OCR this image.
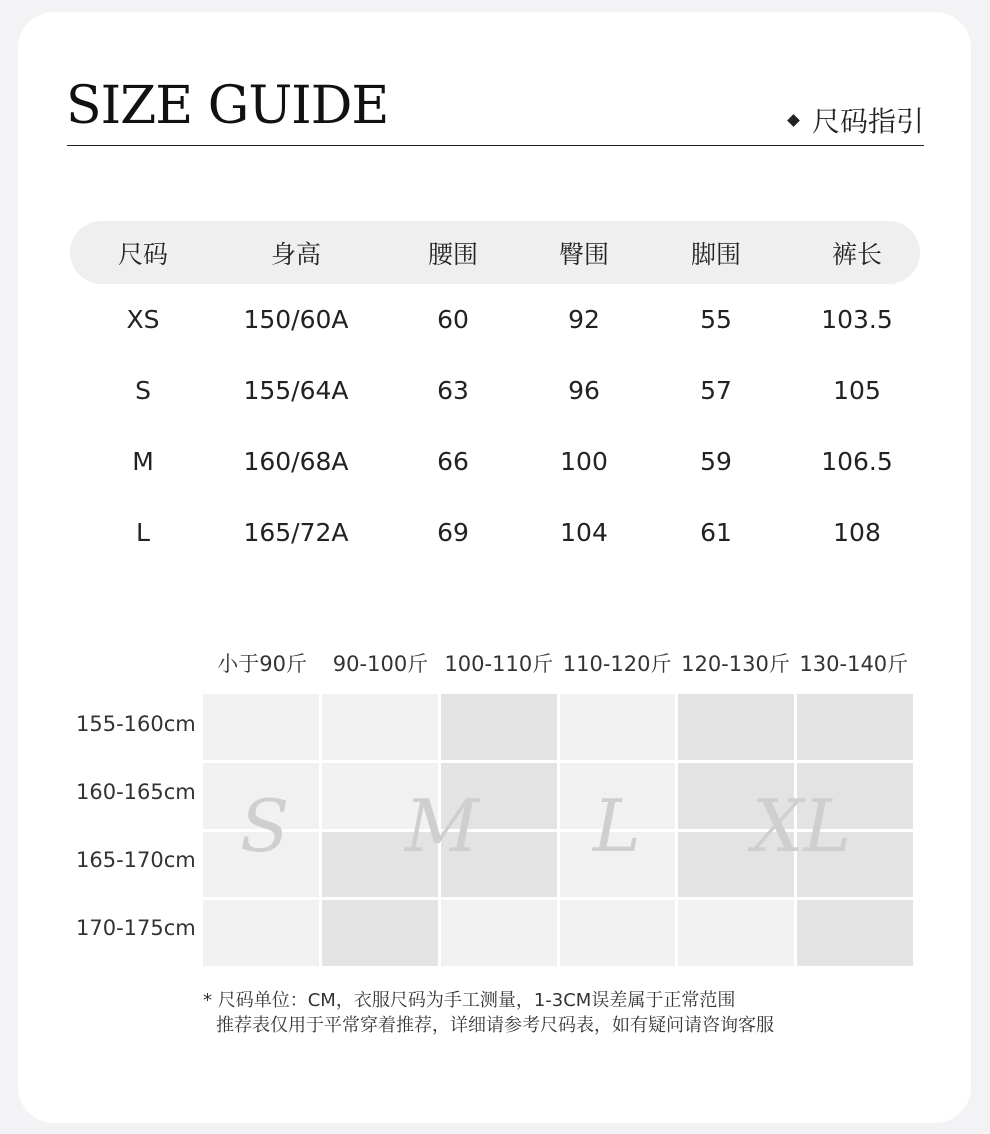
SIZE GUIDE	尺码指引
尺码	身高	腰围	臀围	脚围	裤长
XS	150/60A	60	92	55	103.5
S	155/64A	63	96	57	105
M	160/68A	66	100	59	106.5
L	165/72A	69	104	61	108
小于90斤	90-100斤 100-110斤 110-120斤 120-130斤 130-140斤
155-160cm
160-165cm
165-170cm
170-175cm
S M L XL
* 尺码单位：CM，衣服尺码为手工测量，1-3CM误差属于正常范围
推荐表仅用于平常穿着推荐，详细请参考尺码表，如有疑问请咨询客服
